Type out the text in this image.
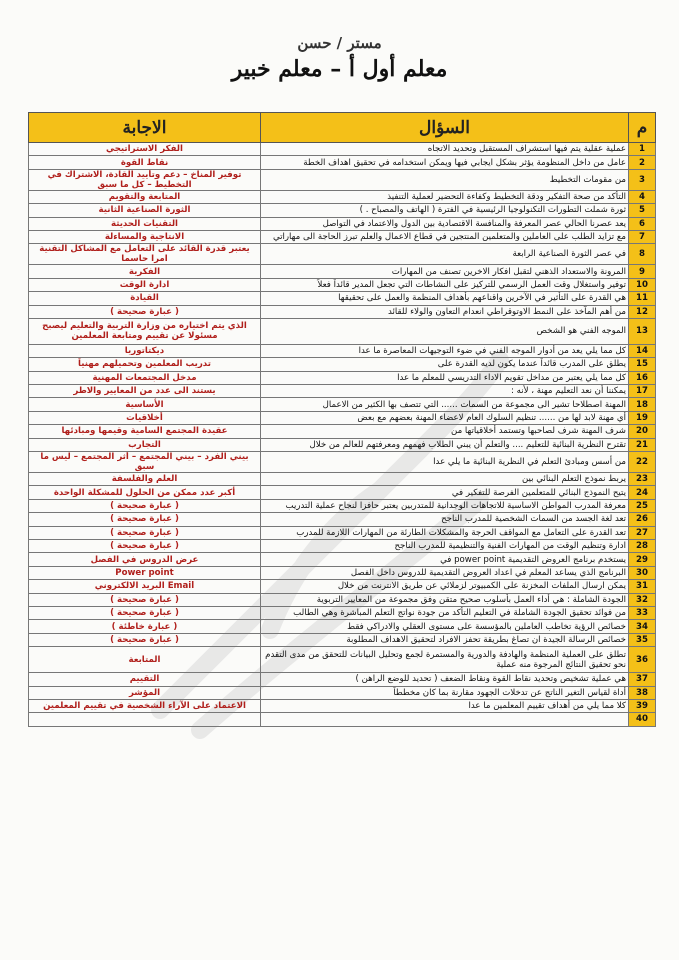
مستر / حسن
معلم أول أ – معلم خبير
م	السؤال	الاجابة
1	عملية عقلية يتم فيها استشراف المستقبل وتحديد الاتجاه	الفكر الاستراتيجي
2	عامل من داخل المنظومة يؤثر بشكل ايجابي فيها ويمكن استخدامه في تحقيق اهداف الخطة	نقاط القوة
3	من مقومات التخطيط	توفير المناخ – دعم وتأييد القادة، الاشتراك في التخطيط – كل ما سبق
4	التأكد من صحة التفكير ودقة التخطيط وكفاءة التحضير لعملية التنفيذ	المتابعة والتقويم
5	ثورة شملت التطورات التكنولوجيا الرئيسية في الفترة ( الهاتف والمصباح . )	الثورة الصناعية الثانية
6	يعد عصرنا الحالي عصر المعرفة والمنافسة الاقتصادية بين الدول والاعتماد في التواصل	التقنيات الحديثة
7	مع تزايد الطلب على العاملين والمتعلمين المنتجين في قطاع الاعمال والعلم تبرز الحاجة الى مهاراتي	الانتاجية والمساءلة
8	في عصر الثورة الصناعية الرابعة	يعتبر قدرة القائد على التعامل مع المشاكل التقنية امرا حاسما
9	المرونة والاستعداد الذهني لتقبل افكار الاخرين تصنف من المهارات	الفكرية
10	توفير واستغلال وقت العمل الرسمي للتركيز على النشاطات التي تجعل المدير قائداً فعلاً	ادارة الوقت
11	هي القدرة على التأثير في الآخرين واقناعهم بأهداف المنظمة والعمل على تحقيقها	القيادة
12	من أهم المآخذ على النمط الاوتوقراطي انعدام التعاون والولاء للقائد	( عبارة صحيحة )
13	الموجه الفني هو الشخص	الذي يتم اختياره من وزارة التربية والتعليم ليصبح مسئولا عن تقييم ومتابعة المعلمين
14	كل مما يلي يعد من أدوار الموجه الفني في ضوء التوجيهات المعاصرة ما عدا	ديكتاتوريا
15	يطلق على المدرب قائداً عندما يكون لديه القدرة على	تدريب المعلمين وتحميلهم مهنياً
16	كل مما يلي يعتبر من مداخل تقويم الاداء التدريسي للمعلم ما عدا	مدخل المجتمعات المهنية
17	يمكننا أن نعد التعليم مهنة ، لأنه :	يستند الى عدد من المعايير والاطر
18	المهنة اصطلاحا تشير الى مجموعة من السمات ...... التي تتصف بها الكثير من الاعمال	الأساسية
19	أي مهنة لابد لها من ...... تنظيم السلوك العام لاعضاء المهنة بعضهم مع بعض	أخلاقيات
20	شرف المهنة شرف لصاحبها وتستمد أخلاقياتها من	عقيدة المجتمع السامية وقيمها ومبادئها
21	تقترح النظرية البنائية للتعليم .... والتعلم أن يبني الطلاب فهمهم ومعرفتهم للعالم من خلال	التجارب
22	من أسس ومبادئ التعلم في النظرية البنائية ما يلي عدا	بيني الفرد – بيني المجتمع – أثر المجتمع – ليس ما سبق
23	يربط نموذج التعلم البنائي بين	العلم والفلسفة
24	يتيح النموذج البنائي للمتعلمين الفرصة للتفكير في	أكبر عدد ممكن من الحلول للمشكلة الواحدة
25	معرفة المدرب المواطن الاساسية للاتجاهات الوجدانية للمتدربين يعتبر حافزا لنجاح عملية التدريب	( عبارة صحيحة )
26	تعد لغة الجسد من السمات الشخصية للمدرب الناجح	( عبارة صحيحة )
27	تعد القدرة على التعامل مع المواقف الحرجة والمشكلات الطارئة من المهارات اللازمة للمدرب	( عبارة صحيحة )
28	ادارة وتنظيم الوقت من المهارات الفنية والتنظيمية للمدرب الناجح	( عبارة صحيحة )
29	يستخدم برنامج العروض التقديمية power point في	عرض الدروس في الفصل
30	البرنامج الذي يساعد المعلم في اعداد العروض التقديمية للدروس داخل الفصل	Power point
31	يمكن ارسال الملفات المخزنة على الكمبيوتر لزملائي عن طريق الانترنت من خلال	Email البريد الالكتروني
32	الجودة الشاملة : هي أداء العمل بأسلوب صحيح متقن وفق مجموعة من المعايير التربوية	( عبارة صحيحة )
33	من فوائد تحقيق الجودة الشاملة في التعليم التأكد من جودة نواتج التعلم المباشرة وهي الطالب	( عبارة صحيحة )
34	خصائص الرؤية تخاطب العاملين بالمؤسسة على مستوى العقلي والادراكي فقط	( عبارة خاطئة )
35	خصائص الرسالة الجيدة ان تصاغ بطريقة تحفز الافراد لتحقيق الاهداف المطلوبة	( عبارة صحيحة )
36	تطلق على العملية المنظمة والهادفة والدورية والمستمرة لجمع وتحليل البيانات للتحقق من مدى التقدم نحو تحقيق النتائج المرجوة منه عملية	المتابعة
37	هي عملية تشخيص وتحديد نقاط القوة ونقاط الضعف ( تحديد للوضع الراهن )	التقييم
38	أداة لقياس التغير الناتج عن تدخلات الجهود مقارنة بما كان مخططاً	المؤشر
39	كلا مما يلي من أهداف تقييم المعلمين ما عدا	الاعتماد على الآراء الشخصية في تقييم المعلمين
40		
